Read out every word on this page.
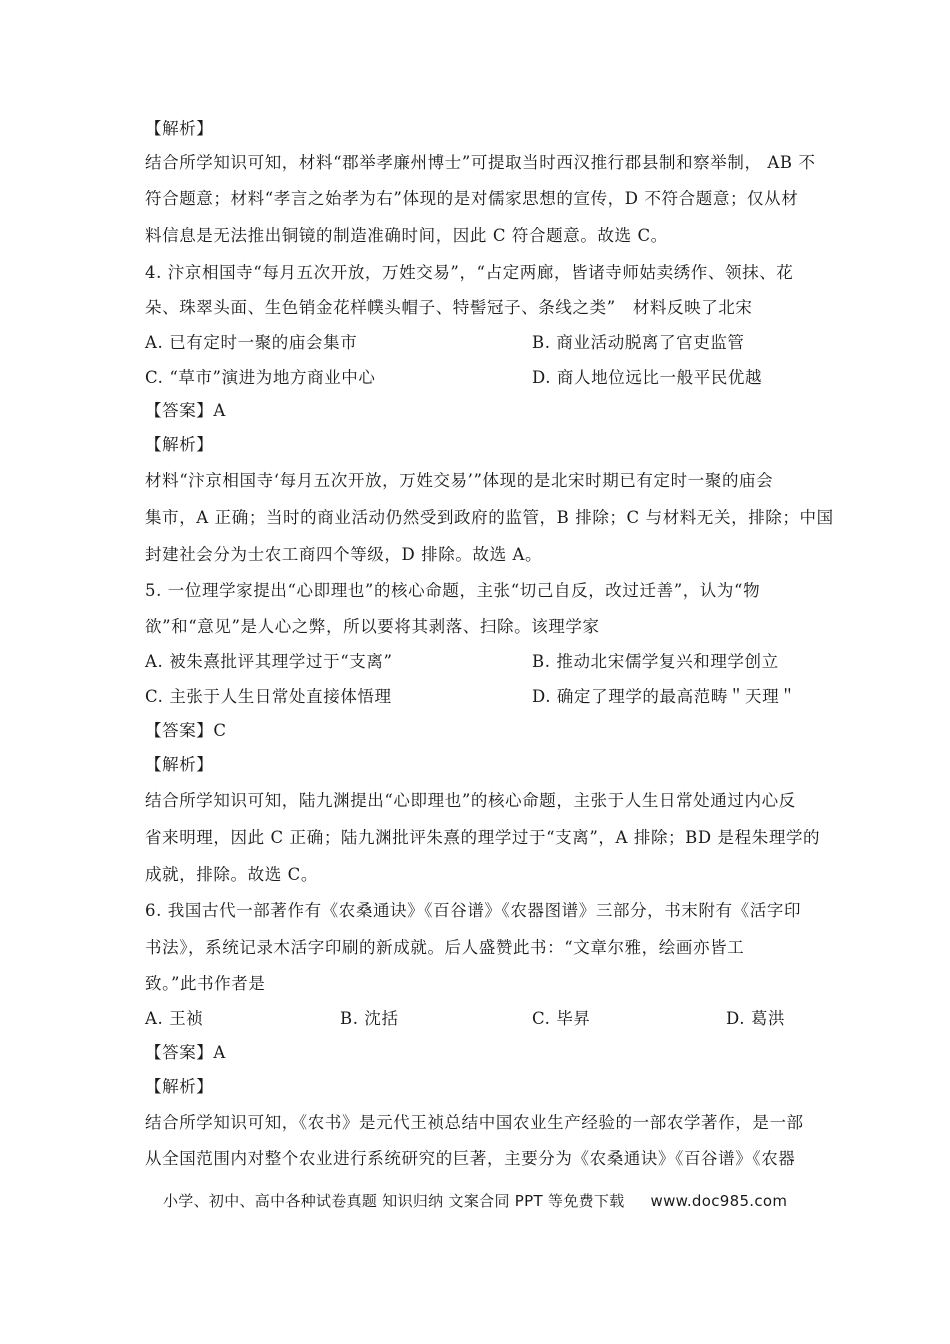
【解析】
结合所学知识可知，材料“郡举孝廉州博士”可提取当时西汉推行郡县制和察举制， AB 不
符合题意；材料“孝言之始孝为右”体现的是对儒家思想的宣传，D 不符合题意；仅从材
料信息是无法推出铜镜的制造准确时间，因此 C 符合题意。故选 C。
4. 汴京相国寺“每月五次开放，万姓交易”，“占定两廊，皆诸寺师姑卖绣作、领抹、花
朵、珠翠头面、生色销金花样幞头帽子、特髻冠子、条线之类”　材料反映了北宋
A. 已有定时一聚的庙会集市	B. 商业活动脱离了官吏监管
C. “草市”演进为地方商业中心	D. 商人地位远比一般平民优越
【答案】A
【解析】
材料“汴京相国寺‘每月五次开放，万姓交易’”体现的是北宋时期已有定时一聚的庙会
集市，A 正确；当时的商业活动仍然受到政府的监管，B 排除；C 与材料无关，排除；中国
封建社会分为士农工商四个等级，D 排除。故选 A。
5. 一位理学家提出“心即理也”的核心命题，主张“切己自反，改过迁善”，认为“物
欲”和“意见”是人心之弊，所以要将其剥落、扫除。该理学家
A. 被朱熹批评其理学过于“支离”	B. 推动北宋儒学复兴和理学创立
C. 主张于人生日常处直接体悟理	D. 确定了理学的最高范畴＂天理＂
【答案】C
【解析】
结合所学知识可知，陆九渊提出“心即理也”的核心命题，主张于人生日常处通过内心反
省来明理，因此 C 正确；陆九渊批评朱熹的理学过于“支离”，A 排除；BD 是程朱理学的
成就，排除。故选 C。
6. 我国古代一部著作有《农桑通诀》《百谷谱》《农器图谱》三部分，书末附有《活字印
书法》，系统记录木活字印刷的新成就。后人盛赞此书：“文章尔雅，绘画亦皆工
致。”此书作者是
A. 王祯	B. 沈括	C. 毕昇	D. 葛洪
【答案】A
【解析】
结合所学知识可知，《农书》是元代王祯总结中国农业生产经验的一部农学著作，是一部
从全国范围内对整个农业进行系统研究的巨著，主要分为《农桑通诀》《百谷谱》《农器
小学、初中、高中各种试卷真题 知识归纳 文案合同 PPT 等免费下载 www.doc985.com
